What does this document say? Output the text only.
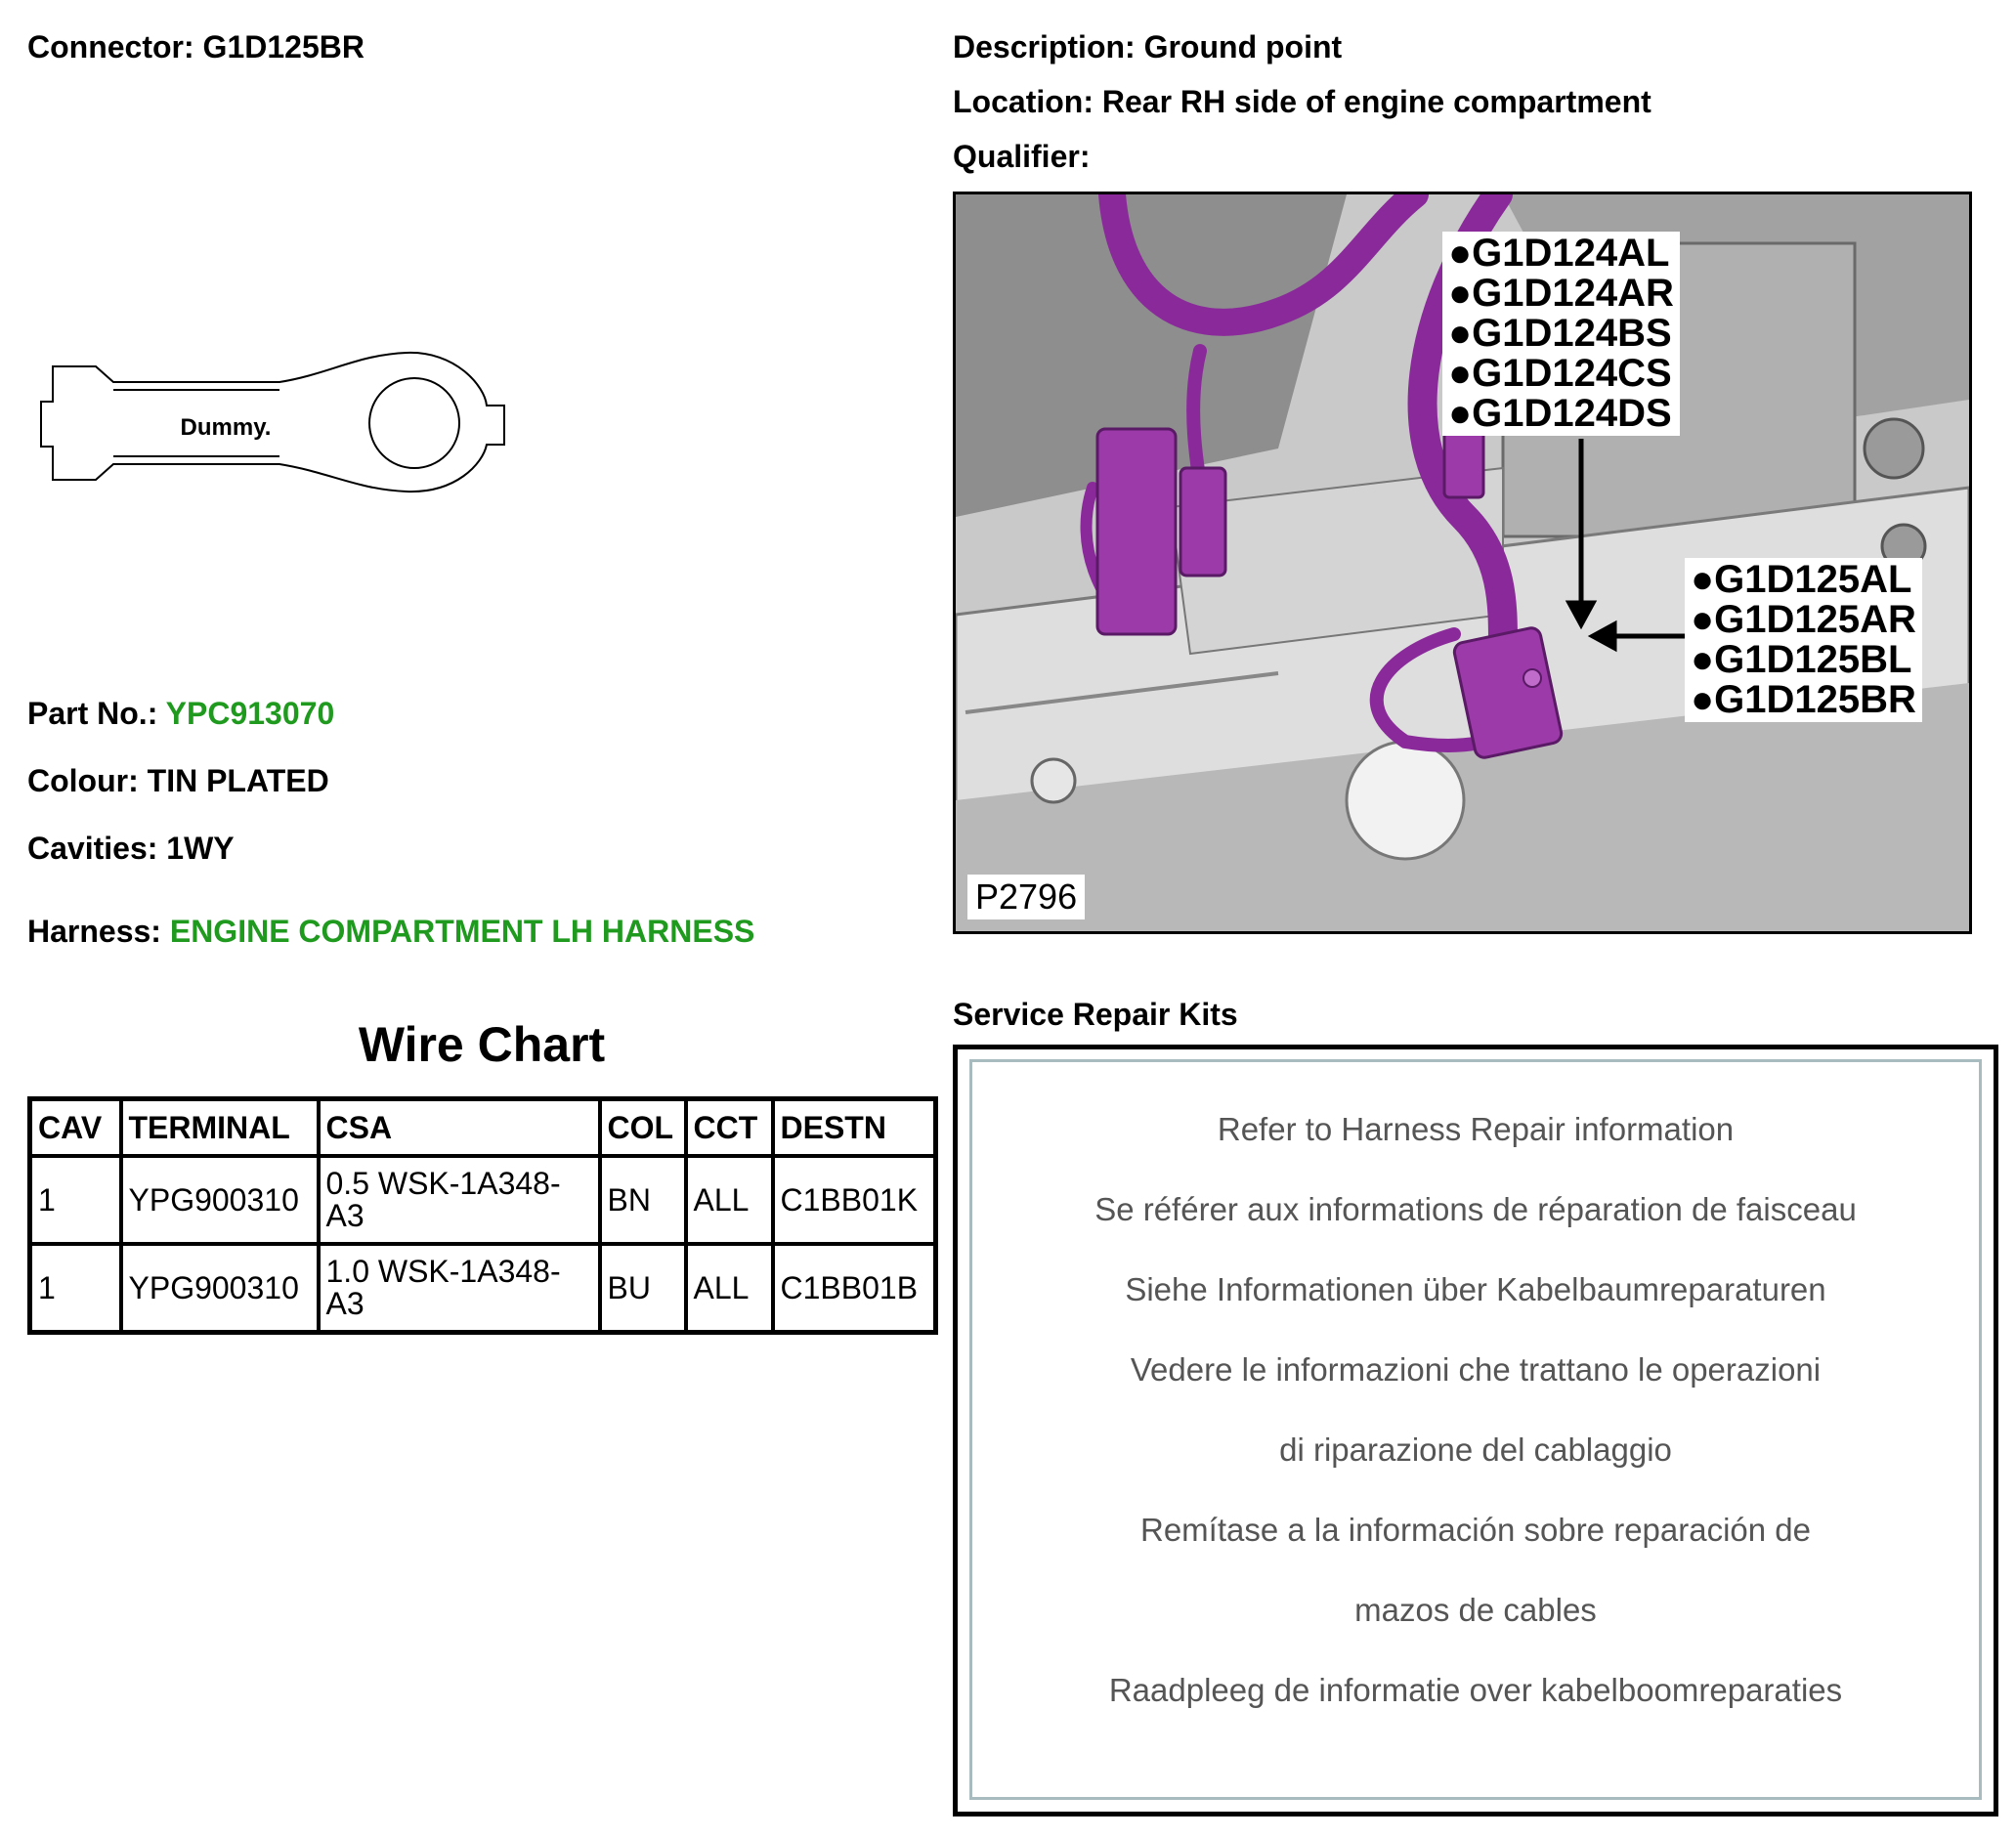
Connector: G1D125BR
Dummy.
Part No.: YPC913070
Colour: TIN PLATED
Cavities: 1WY
Harness: ENGINE COMPARTMENT LH HARNESS
Wire Chart
CAV	TERMINAL	CSA	COL	CCT	DESTN
1	YPG900310	0.5 WSK-1A348-A3	BN	ALL	C1BB01K
1	YPG900310	1.0 WSK-1A348-A3	BU	ALL	C1BB01B
Description: Ground point
Location: Rear RH side of engine compartment
Qualifier:
●G1D124AL
●G1D124AR
●G1D124BS
●G1D124CS
●G1D124DS
●G1D125AL
●G1D125AR
●G1D125BL
●G1D125BR
P2796
Service Repair Kits
Refer to Harness Repair information
Se référer aux informations de réparation de faisceau
Siehe Informationen über Kabelbaumreparaturen
Vedere le informazioni che trattano le operazioni
di riparazione del cablaggio
Remítase a la información sobre reparación de
mazos de cables
Raadpleeg de informatie over kabelboomreparaties
